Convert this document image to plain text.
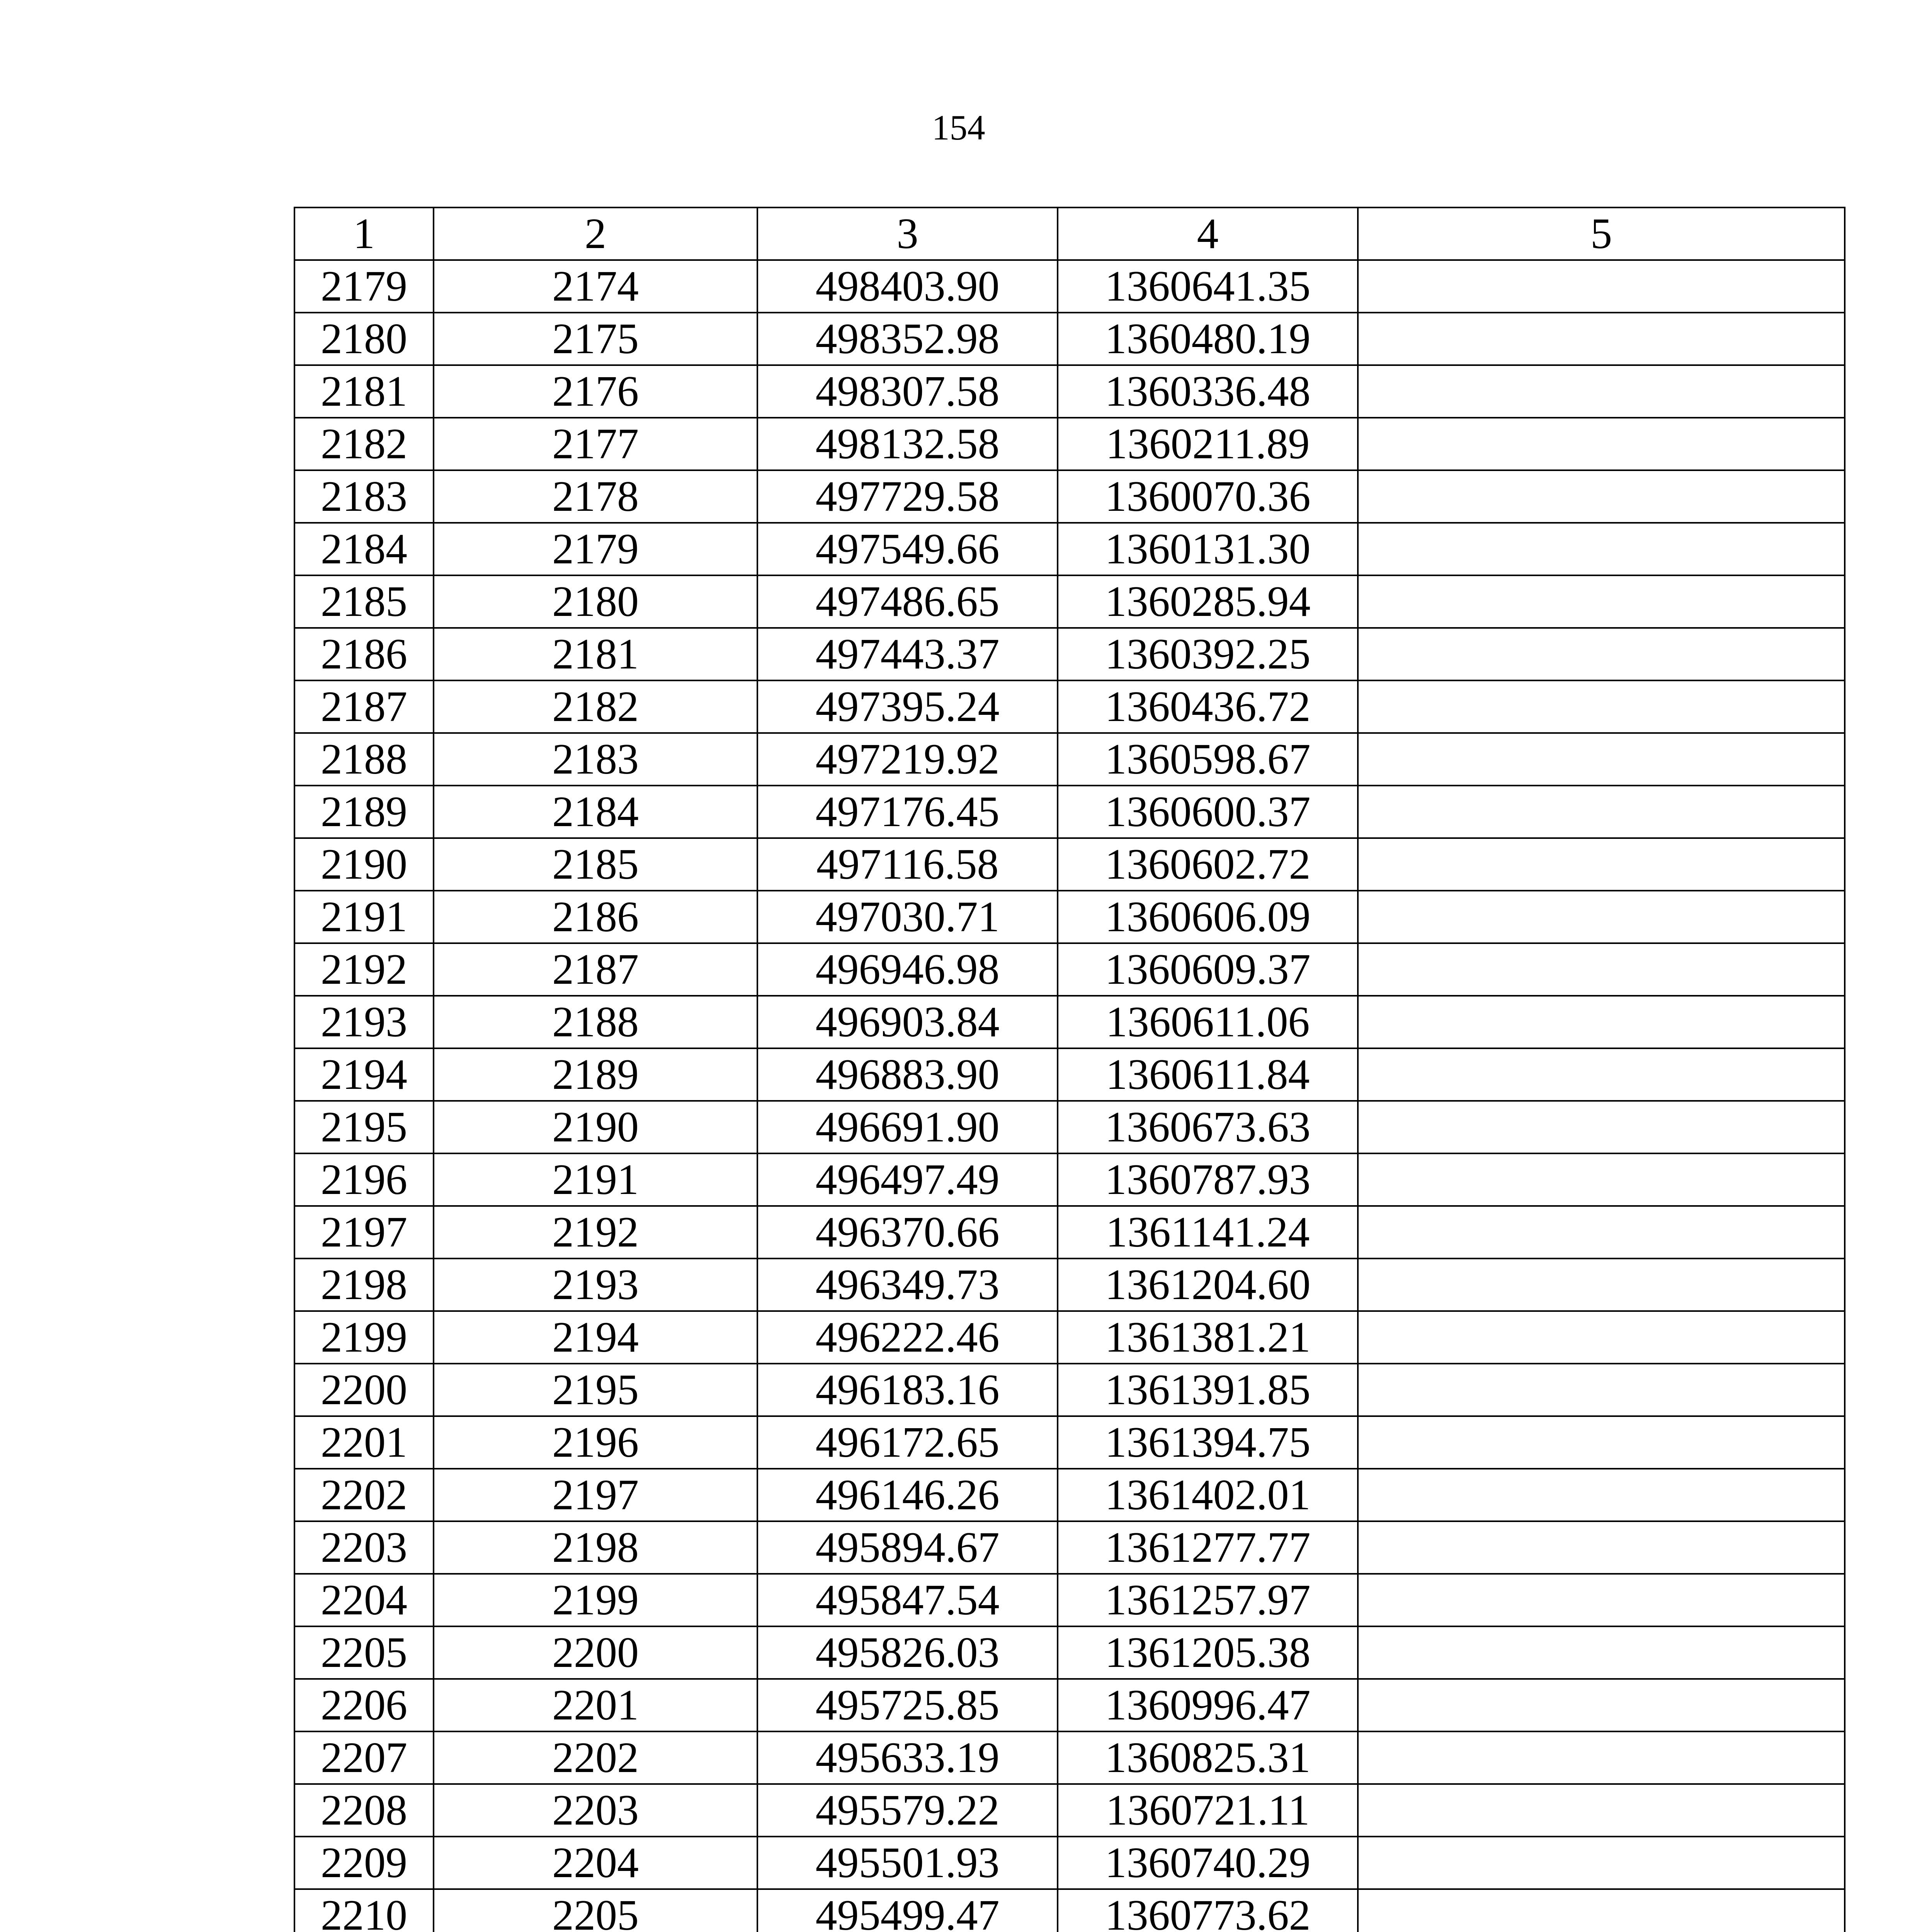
154
1	2	3	4	5
2179	2174	498403.90	1360641.35	
2180	2175	498352.98	1360480.19	
2181	2176	498307.58	1360336.48	
2182	2177	498132.58	1360211.89	
2183	2178	497729.58	1360070.36	
2184	2179	497549.66	1360131.30	
2185	2180	497486.65	1360285.94	
2186	2181	497443.37	1360392.25	
2187	2182	497395.24	1360436.72	
2188	2183	497219.92	1360598.67	
2189	2184	497176.45	1360600.37	
2190	2185	497116.58	1360602.72	
2191	2186	497030.71	1360606.09	
2192	2187	496946.98	1360609.37	
2193	2188	496903.84	1360611.06	
2194	2189	496883.90	1360611.84	
2195	2190	496691.90	1360673.63	
2196	2191	496497.49	1360787.93	
2197	2192	496370.66	1361141.24	
2198	2193	496349.73	1361204.60	
2199	2194	496222.46	1361381.21	
2200	2195	496183.16	1361391.85	
2201	2196	496172.65	1361394.75	
2202	2197	496146.26	1361402.01	
2203	2198	495894.67	1361277.77	
2204	2199	495847.54	1361257.97	
2205	2200	495826.03	1361205.38	
2206	2201	495725.85	1360996.47	
2207	2202	495633.19	1360825.31	
2208	2203	495579.22	1360721.11	
2209	2204	495501.93	1360740.29	
2210	2205	495499.47	1360773.62	
